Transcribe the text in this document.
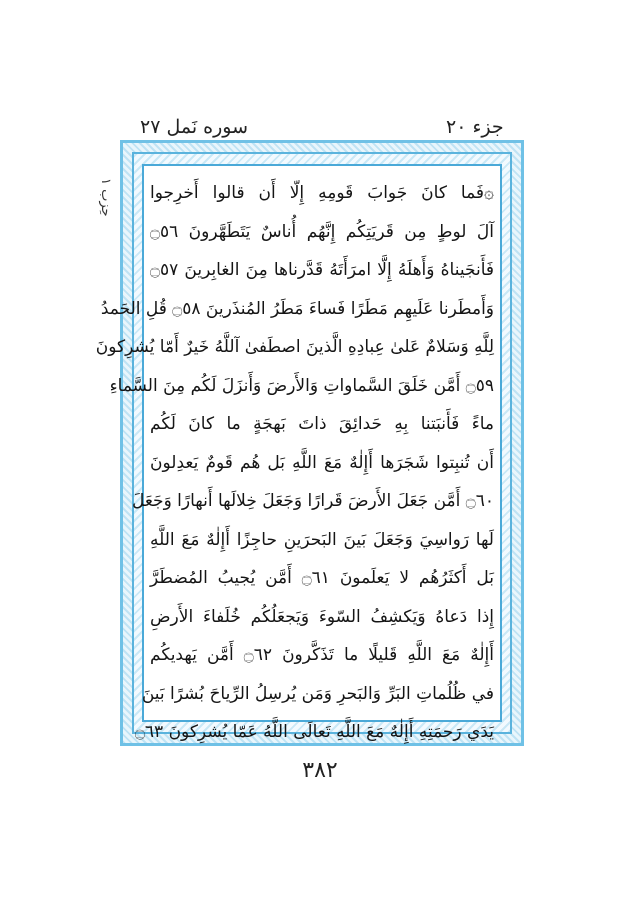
سوره نَمل ۲۷	جزء ۲۰
حِزب ۱ ۞فَما كانَ جَوابَ قَومِهِ إِلّا أَن قالوا أَخرِجوا
آلَ لوطٍ مِن قَريَتِكُم إِنَّهُم أُناسٌ يَتَطَهَّرونَ ۝٥٦
فَأَنجَيناهُ وَأَهلَهُ إِلَّا امرَأَتَهُ قَدَّرناها مِنَ الغابِرينَ ۝٥٧
وَأَمطَرنا عَلَيهِم مَطَرًا فَساءَ مَطَرُ المُنذَرينَ ۝٥٨ قُلِ الحَمدُ
لِلَّهِ وَسَلامٌ عَلىٰ عِبادِهِ الَّذينَ اصطَفىٰ آللَّهُ خَيرٌ أَمّا يُشرِكونَ
۝٥٩ أَمَّن خَلَقَ السَّماواتِ وَالأَرضَ وَأَنزَلَ لَكُم مِنَ السَّماءِ
ماءً فَأَنبَتنا بِهِ حَدائِقَ ذاتَ بَهجَةٍ ما كانَ لَكُم
أَن تُنبِتوا شَجَرَها أَإِلٰهٌ مَعَ اللَّهِ بَل هُم قَومٌ يَعدِلونَ
۝٦٠ أَمَّن جَعَلَ الأَرضَ قَرارًا وَجَعَلَ خِلالَها أَنهارًا وَجَعَلَ
لَها رَواسِيَ وَجَعَلَ بَينَ البَحرَينِ حاجِزًا أَإِلٰهٌ مَعَ اللَّهِ
بَل أَكثَرُهُم لا يَعلَمونَ ۝٦١ أَمَّن يُجيبُ المُضطَرَّ
إِذا دَعاهُ وَيَكشِفُ السّوءَ وَيَجعَلُكُم خُلَفاءَ الأَرضِ
أَإِلٰهٌ مَعَ اللَّهِ قَليلًا ما تَذَكَّرونَ ۝٦٢ أَمَّن يَهديكُم
في ظُلُماتِ البَرِّ وَالبَحرِ وَمَن يُرسِلُ الرِّياحَ بُشرًا بَينَ
يَدَي رَحمَتِهِ أَإِلٰهٌ مَعَ اللَّهِ تَعالَى اللَّهُ عَمّا يُشرِكونَ ۝٦٣
۳۸۲
